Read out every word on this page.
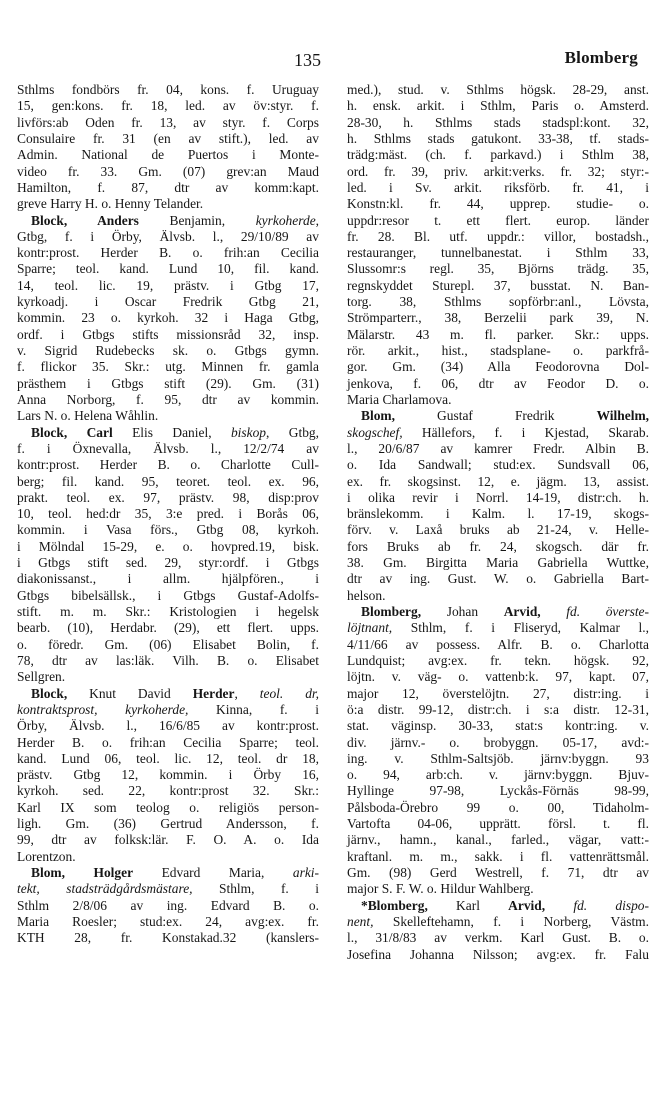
135	Blomberg
Sthlms fondbörs fr. 04, kons. f. Uruguay
15, gen:kons. fr. 18, led. av öv:styr. f.
livförs:ab Oden fr. 13, av styr. f. Corps
Consulaire fr. 31 (en av stift.), led. av
Admin. National de Puertos i Monte-
video fr. 33. Gm. (07) grev:an Maud
Hamilton, f. 87, dtr av komm:kapt.
greve Harry H. o. Henny Telander.
Block, Anders Benjamin, kyrkoherde,
Gtbg, f. i Örby, Älvsb. l., 29/10/89 av
kontr:prost. Herder B. o. frih:an Cecilia
Sparre; teol. kand. Lund 10, fil. kand.
14, teol. lic. 19, prästv. i Gtbg 17,
kyrkoadj. i Oscar Fredrik Gtbg 21,
kommin. 23 o. kyrkoh. 32 i Haga Gtbg,
ordf. i Gtbgs stifts missionsråd 32, insp.
v. Sigrid Rudebecks sk. o. Gtbgs gymn.
f. flickor 35. Skr.: utg. Minnen fr. gamla
prästhem i Gtbgs stift (29). Gm. (31)
Anna Norborg, f. 95, dtr av kommin.
Lars N. o. Helena Wåhlin.
Block, Carl Elis Daniel, biskop, Gtbg,
f. i Öxnevalla, Älvsb. l., 12/2/74 av
kontr:prost. Herder B. o. Charlotte Cull-
berg; fil. kand. 95, teoret. teol. ex. 96,
prakt. teol. ex. 97, prästv. 98, disp:prov
10, teol. hed:dr 35, 3:e pred. i Borås 06,
kommin. i Vasa förs., Gtbg 08, kyrkoh.
i Mölndal 15-29, e. o. hovpred.19, bisk.
i Gtbgs stift sed. 29, styr:ordf. i Gtbgs
diakonissanst., i allm. hjälpfören., i
Gtbgs bibelsällsk., i Gtbgs Gustaf-Adolfs-
stift. m. m. Skr.: Kristologien i hegelsk
bearb. (10), Herdabr. (29), ett flert. upps.
o. föredr. Gm. (06) Elisabet Bolin, f.
78, dtr av las:läk. Vilh. B. o. Elisabet
Sellgren.
Block, Knut David Herder, teol. dr,
kontraktsprost, kyrkoherde, Kinna, f. i
Örby, Älvsb. l., 16/6/85 av kontr:prost.
Herder B. o. frih:an Cecilia Sparre; teol.
kand. Lund 06, teol. lic. 12, teol. dr 18,
prästv. Gtbg 12, kommin. i Örby 16,
kyrkoh. sed. 22, kontr:prost 32. Skr.:
Karl IX som teolog o. religiös person-
ligh. Gm. (36) Gertrud Andersson, f.
99, dtr av folksk:lär. F. O. A. o. Ida
Lorentzon.
Blom, Holger Edvard Maria, arki-
tekt, stadsträdgårdsmästare, Sthlm, f. i
Sthlm 2/8/06 av ing. Edvard B. o.
Maria Roesler; stud:ex. 24, avg:ex. fr.
KTH 28, fr. Konstakad.32 (kanslers-
med.), stud. v. Sthlms högsk. 28-29, anst.
h. ensk. arkit. i Sthlm, Paris o. Amsterd.
28-30, h. Sthlms stads stadspl:kont. 32,
h. Sthlms stads gatukont. 33-38, tf. stads-
trädg:mäst. (ch. f. parkavd.) i Sthlm 38,
ord. fr. 39, priv. arkit:verks. fr. 32; styr:-
led. i Sv. arkit. riksförb. fr. 41, i
Konstn:kl. fr. 44, upprep. studie- o.
uppdr:resor t. ett flert. europ. länder
fr. 28. Bl. utf. uppdr.: villor, bostadsh.,
restauranger, tunnelbanestat. i Sthlm 33,
Slussomr:s regl. 35, Björns trädg. 35,
regnskyddet Sturepl. 37, busstat. N. Ban-
torg. 38, Sthlms sopförbr:anl., Lövsta,
Strömparterr., 38, Berzelii park 39, N.
Mälarstr. 43 m. fl. parker. Skr.: upps.
rör. arkit., hist., stadsplane- o. parkfrå-
gor. Gm. (34) Alla Feodorovna Dol-
jenkova, f. 06, dtr av Feodor D. o.
Maria Charlamova.
Blom, Gustaf Fredrik Wilhelm,
skogschef, Hällefors, f. i Kjestad, Skarab.
l., 20/6/87 av kamrer Fredr. Albin B.
o. Ida Sandwall; stud:ex. Sundsvall 06,
ex. fr. skogsinst. 12, e. jägm. 13, assist.
i olika revir i Norrl. 14-19, distr:ch. h.
bränslekomm. i Kalm. l. 17-19, skogs-
förv. v. Laxå bruks ab 21-24, v. Helle-
fors Bruks ab fr. 24, skogsch. där fr.
38. Gm. Birgitta Maria Gabriella Wuttke,
dtr av ing. Gust. W. o. Gabriella Bart-
helson.
Blomberg, Johan Arvid, fd. överste-
löjtnant, Sthlm, f. i Fliseryd, Kalmar l.,
4/11/66 av possess. Alfr. B. o. Charlotta
Lundquist; avg:ex. fr. tekn. högsk. 92,
löjtn. v. väg- o. vattenb:k. 97, kapt. 07,
major 12, överstelöjtn. 27, distr:ing. i
ö:a distr. 99-12, distr:ch. i s:a distr. 12-31,
stat. väginsp. 30-33, stat:s kontr:ing. v.
div. järnv.- o. brobyggn. 05-17, avd:-
ing. v. Sthlm-Saltsjöb. järnv:byggn. 93
o. 94, arb:ch. v. järnv:byggn. Bjuv-
Hyllinge 97-98, Lyckås-Förnäs 98-99,
Pålsboda-Örebro 99 o. 00, Tidaholm-
Vartofta 04-06, upprätt. försl. t. fl.
järnv., hamn., kanal., farled., vägar, vatt:-
kraftanl. m. m., sakk. i fl. vattenrättsmål.
Gm. (98) Gerd Westrell, f. 71, dtr av
major S. F. W. o. Hildur Wahlberg.
*Blomberg, Karl Arvid, fd. dispo-
nent, Skelleftehamn, f. i Norberg, Västm.
l., 31/8/83 av verkm. Karl Gust. B. o.
Josefina Johanna Nilsson; avg:ex. fr. Falu
